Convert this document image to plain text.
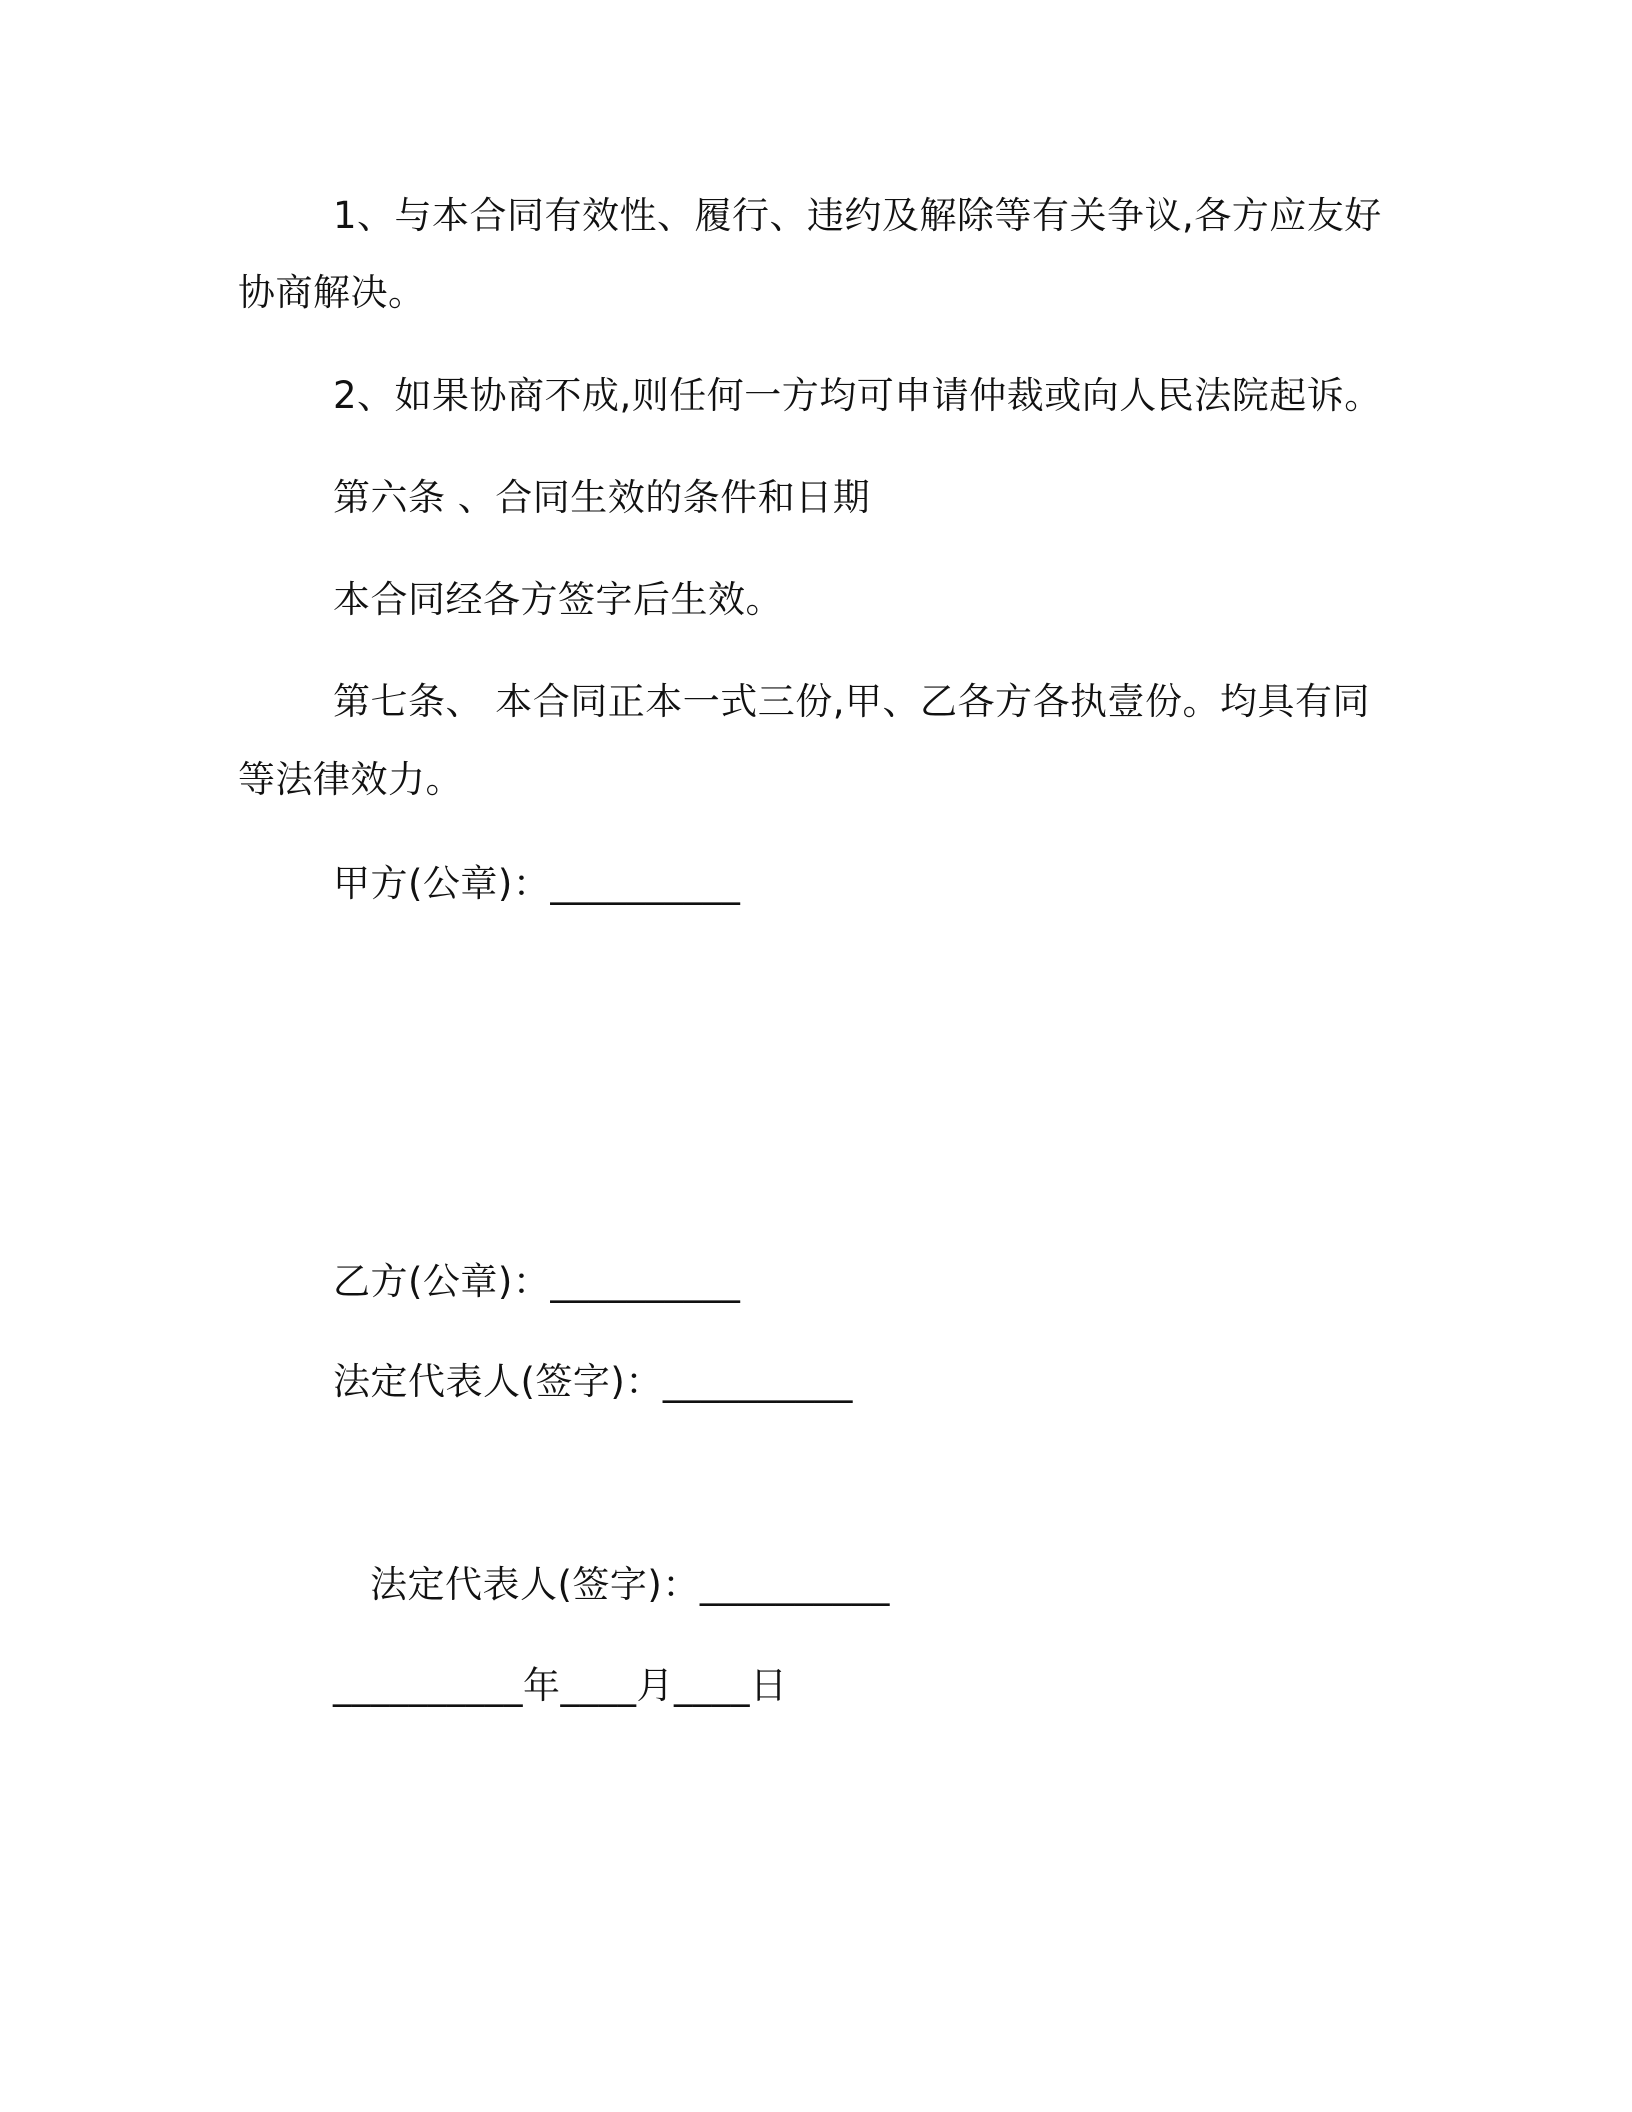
1、与本合同有效性、履行、违约及解除等有关争议,各方应友好
协商解决。
2、如果协商不成,则任何一方均可申请仲裁或向人民法院起诉。
第六条 、合同生效的条件和日期
本合同经各方签字后生效。
第七条、 本合同正本一式三份,甲、乙各方各执壹份。均具有同
等法律效力。
甲方(公章)：__________
乙方(公章)：__________
法定代表人(签字)：__________
法定代表人(签字)：__________
__________年____月____日
